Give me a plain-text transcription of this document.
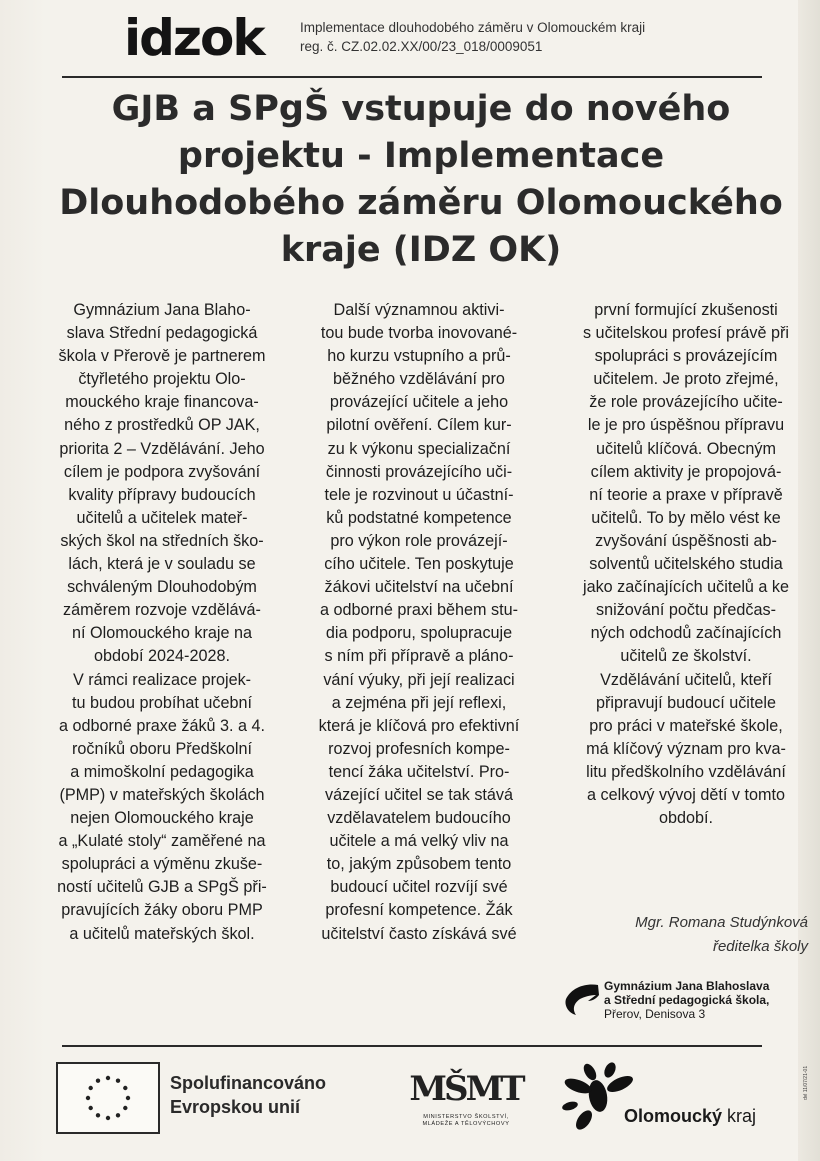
idzok	Implementace dlouhodobého záměru v Olomouckém kraji
reg. č. CZ.02.02.XX/00/23_018/0009051
GJB a SPgŠ vstupuje do nového
projektu - Implementace
Dlouhodobého záměru Olomouckého
kraje (IDZ OK)

Gymnázium Jana Blaho-
slava Střední pedagogická
škola v Přerově je partnerem
čtyřletého projektu Olo-
mouckého kraje financova-
ného z prostředků OP JAK,
priorita 2 – Vzdělávání. Jeho
cílem je podpora zvyšování
kvality přípravy budoucích
učitelů a učitelek mateř-
ských škol na středních ško-
lách, která je v souladu se
schváleným Dlouhodobým
záměrem rozvoje vzdělává-
ní Olomouckého kraje na
období 2024-2028.

V rámci realizace projek-
tu budou probíhat učební
a odborné praxe žáků 3. a 4.
ročníků oboru Předškolní
a mimoškolní pedagogika
(PMP) v mateřských školách
nejen Olomouckého kraje
a „Kulaté stoly“ zaměřené na
spolupráci a výměnu zkuše-
ností učitelů GJB a SPgŠ při-
pravujících žáky oboru PMP
a učitelů mateřských škol.

Další významnou aktivi-
tou bude tvorba inovované-
ho kurzu vstupního a prů-
běžného vzdělávání pro
provázející učitele a jeho
pilotní ověření. Cílem kur-
zu k výkonu specializační
činnosti provázejícího uči-
tele je rozvinout u účastní-
ků podstatné kompetence
pro výkon role provázejí-
cího učitele. Ten poskytuje
žákovi učitelství na učební
a odborné praxi během stu-
dia podporu, spolupracuje
s ním při přípravě a pláno-
vání výuky, při její realizaci
a zejména při její reflexi,
která je klíčová pro efektivní
rozvoj profesních kompe-
tencí žáka učitelství. Pro-
vázející učitel se tak stává
vzdělavatelem budoucího
učitele a má velký vliv na
to, jakým způsobem tento
budoucí učitel rozvíjí své
profesní kompetence. Žák
učitelství často získává své

první formující zkušenosti
s učitelskou profesí právě při
spolupráci s provázejícím
učitelem. Je proto zřejmé,
že role provázejícího učite-
le je pro úspěšnou přípravu
učitelů klíčová. Obecným
cílem aktivity je propojová-
ní teorie a praxe v přípravě
učitelů. To by mělo vést ke
zvyšování úspěšnosti ab-
solventů učitelského studia
jako začínajících učitelů a ke
snižování počtu předčas-
ných odchodů začínajících
učitelů ze školství.

Vzdělávání učitelů, kteří
připravují budoucí učitele
pro práci v mateřské škole,
má klíčový význam pro kva-
litu předškolního vzdělávání
a celkový vývoj dětí v tomto
období.

Mgr. Romana Studýnková
ředitelka školy
Gymnázium Jana Blahoslava
a Střední pedagogická škola,
Přerov, Denisova 3
Spolufinancováno
Evropskou unií	MŠMT
MINISTERSTVO ŠKOLSTVÍ,
MLÁDEŽE A TĚLOVÝCHOVY	Olomoucký kraj
dvl 11/07/21-01
